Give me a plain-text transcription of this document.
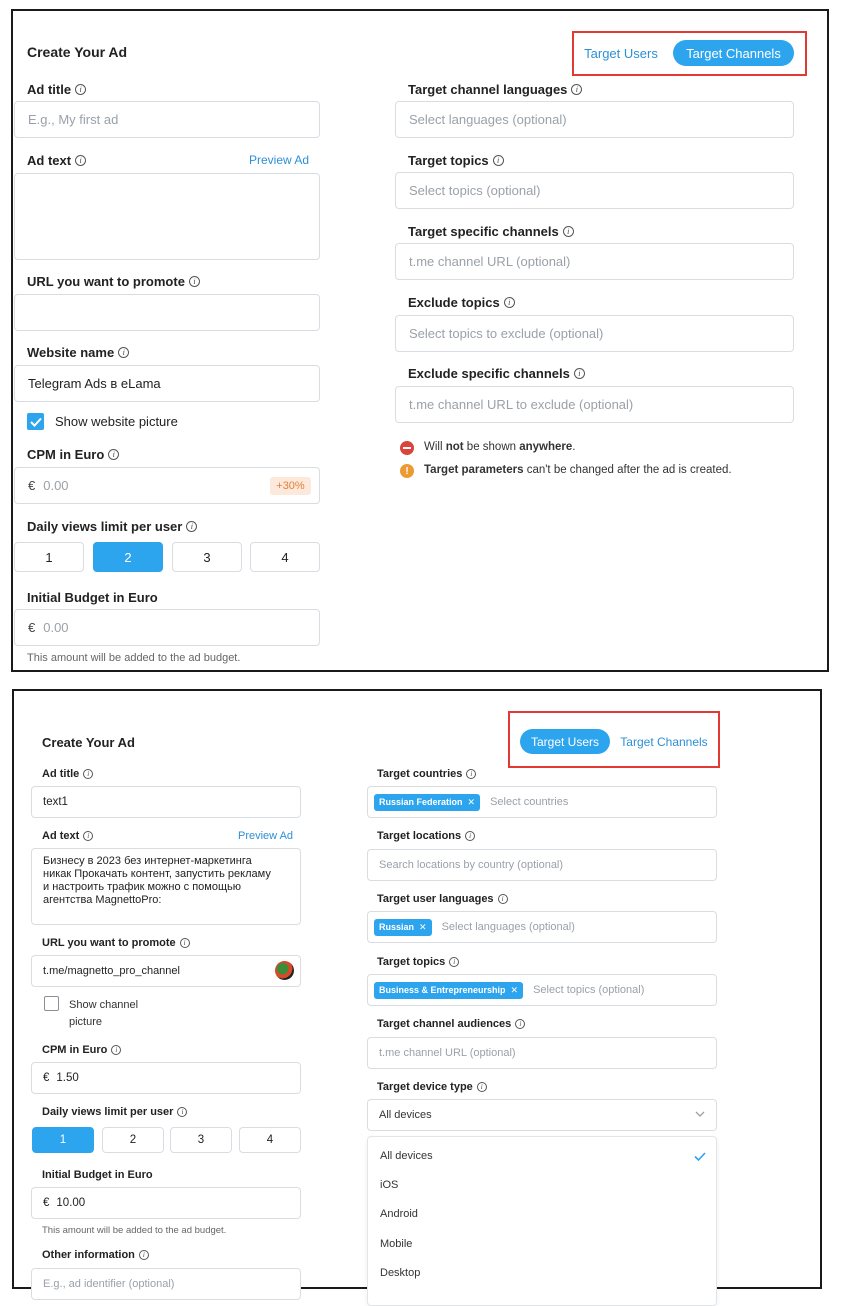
Create Your Ad	Target Users	Target Channels
Ad title	i
E.g., My first ad
Ad text	i	Preview Ad
URL you want to promote	i
Website name	i
Telegram Ads в eLama
Show website picture
CPM in Euro	i
€ 0.00	+30%
Daily views limit per user	i
1	2	3	4
Initial Budget in Euro
€ 0.00
This amount will be added to the ad budget.
Target channel languages	i
Select languages (optional)
Target topics	i
Select topics (optional)
Target specific channels	i
t.me channel URL (optional)
Exclude topics	i
Select topics to exclude (optional)
Exclude specific channels	i
t.me channel URL to exclude (optional)
Will not be shown anywhere.
!	Target parameters can't be changed after the ad is created.
Create Your Ad	Target Users	Target Channels
Ad title	i
text1
Ad text	i	Preview Ad
Бизнесу в 2023 без интернет-маркетинга
никак Прокачать контент, запустить рекламу
и настроить трафик можно с помощью
агентства MagnettoPro:
URL you want to promote	i
t.me/magnetto_pro_channel
Show channel
picture
CPM in Euro	i
€ 1.50
Daily views limit per user	i
1	2	3	4
Initial Budget in Euro
€ 10.00
This amount will be added to the ad budget.
Other information	i
E.g., ad identifier (optional)
Target countries	i
Russian Federation ✕ Select countries
Target locations	i
Search locations by country (optional)
Target user languages	i
Russian ✕ Select languages (optional)
Target topics	i
Business & Entrepreneurship ✕ Select topics (optional)
Target channel audiences	i
t.me channel URL (optional)
Target device type	i
All devices
All devices
iOS
Android
Mobile
Desktop
